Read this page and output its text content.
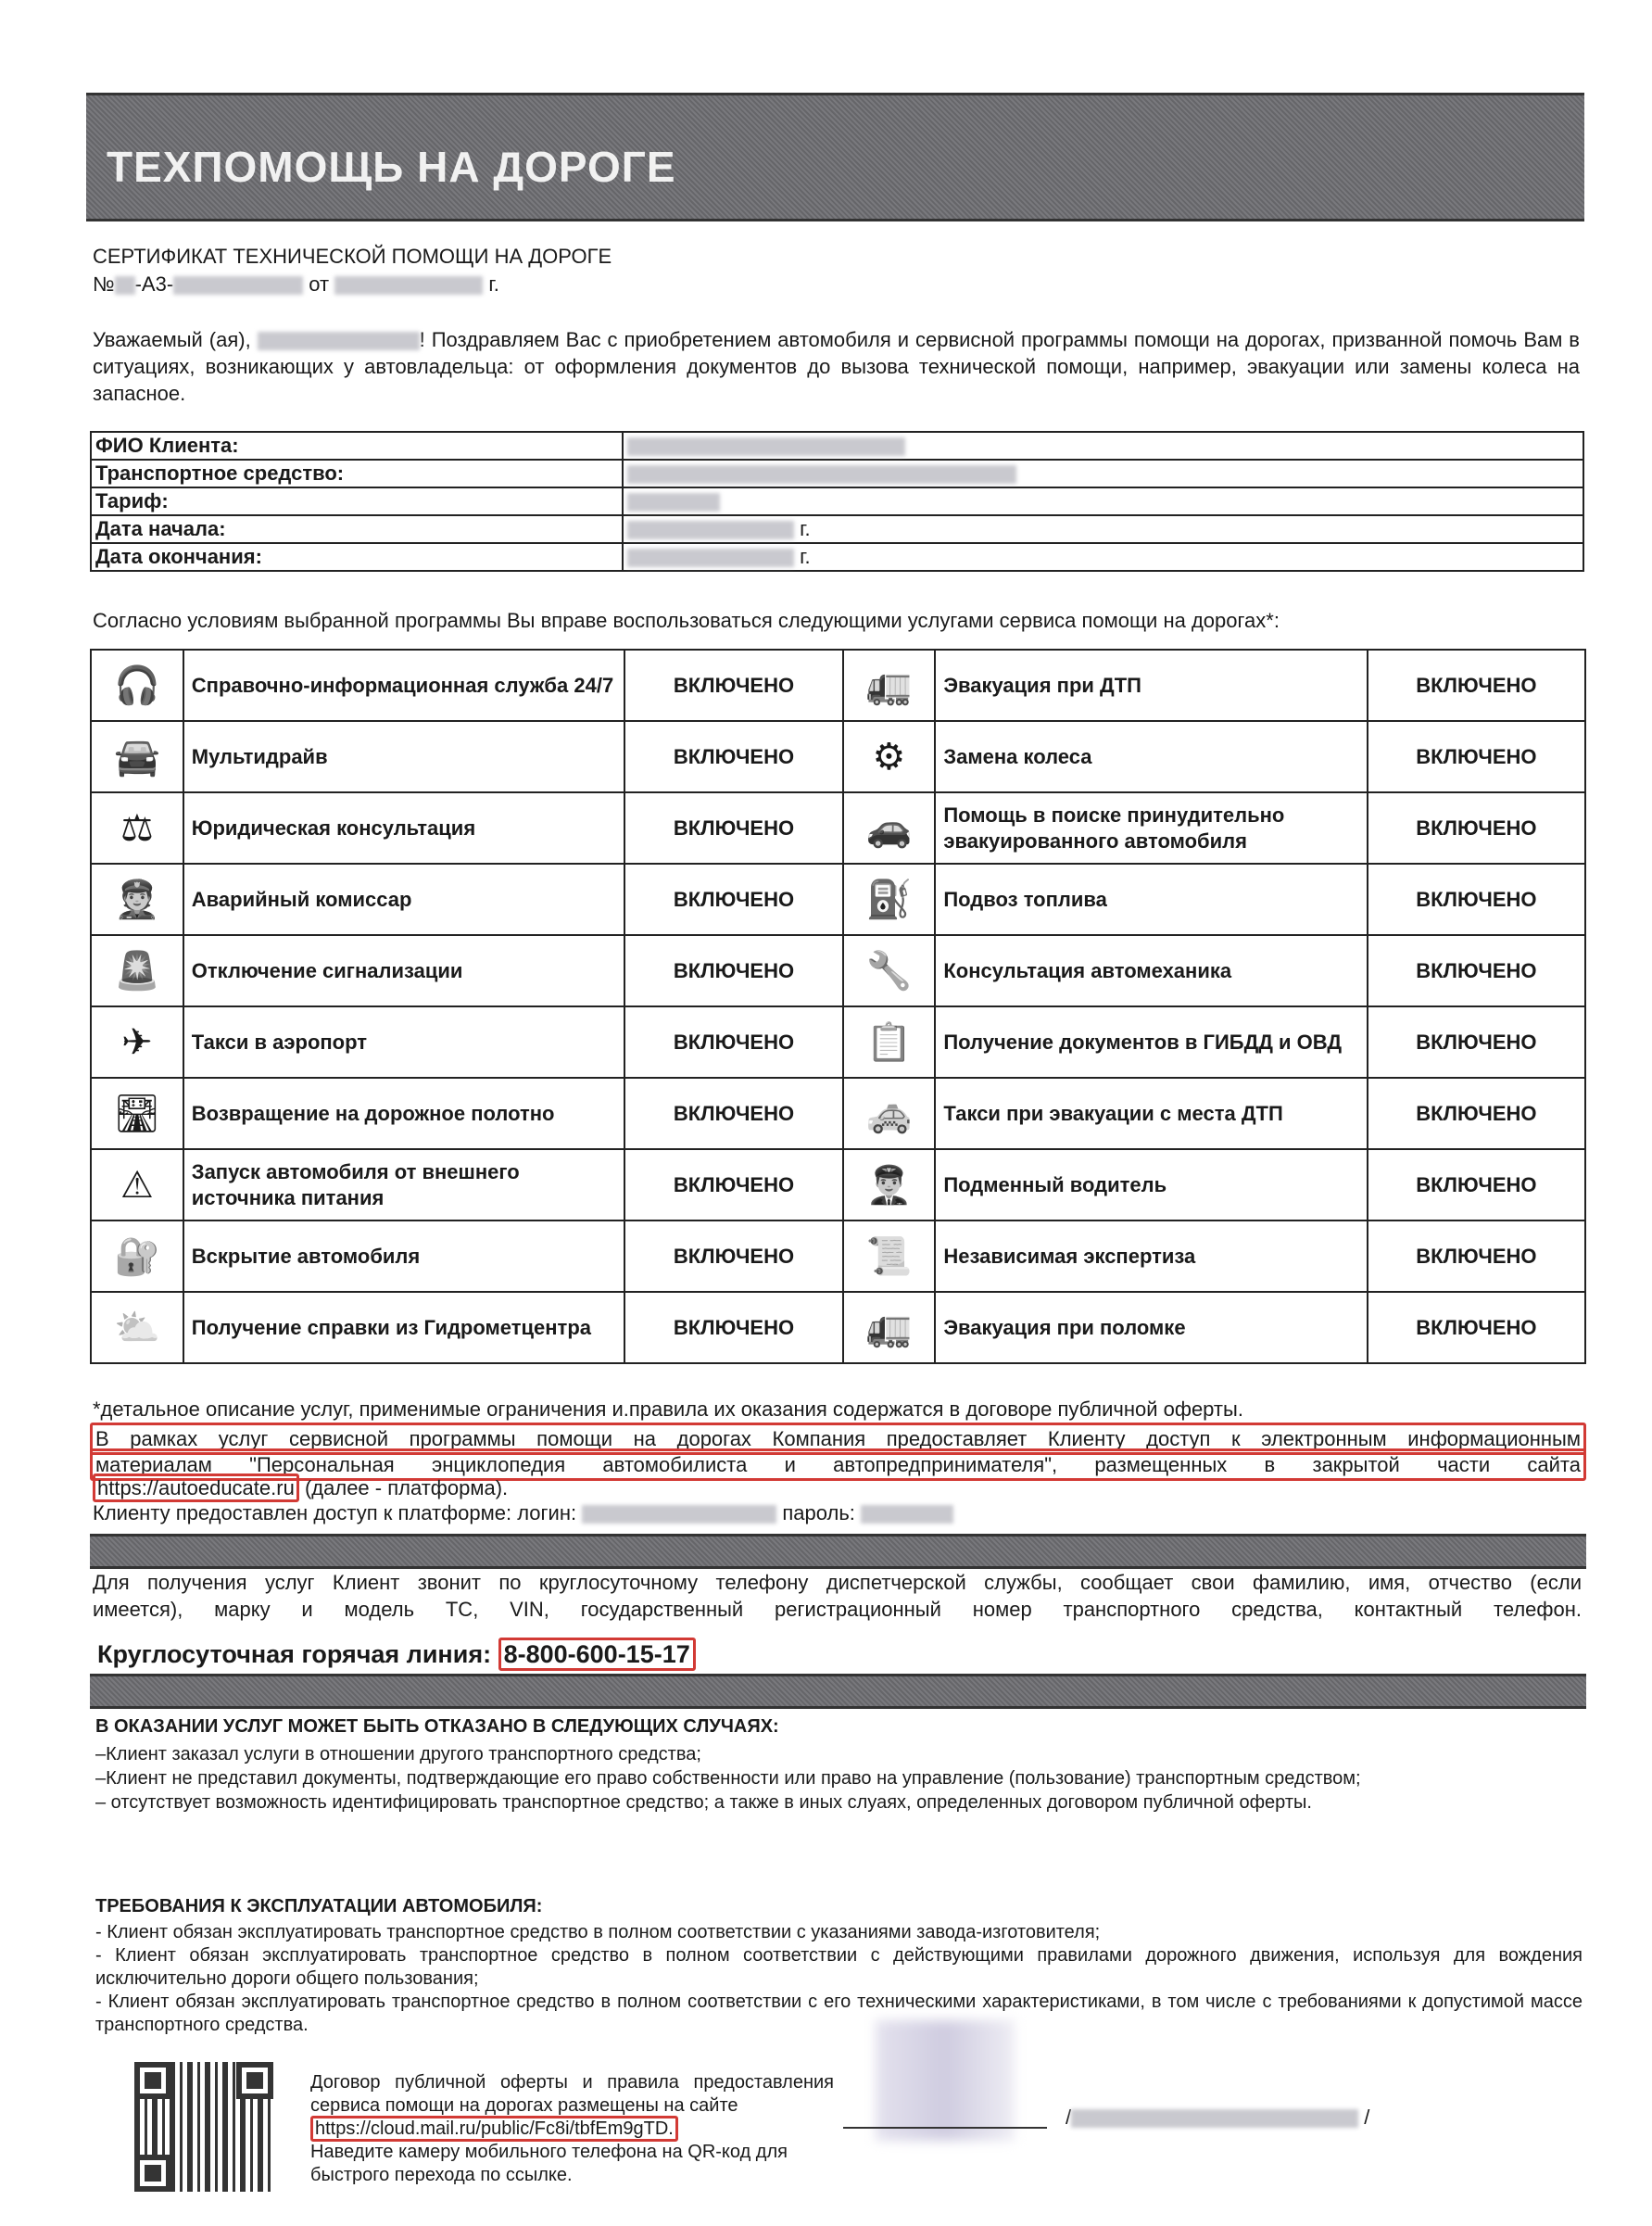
ТЕХПОМОЩЬ НА ДОРОГЕ
СЕРТИФИКАТ ТЕХНИЧЕСКОЙ ПОМОЩИ НА ДОРОГЕ
№ -А3-	от	г.
Уважаемый (ая),	! Поздравляем Вас с приобретением автомобиля и сервисной программы помощи на дорогах, призванной помочь Вам в ситуациях, возникающих у автовладельца: от оформления документов до вызова технической помощи, например, эвакуации или замены колеса на запасное.
ФИО Клиента:	
Транспортное средство:	
Тариф:	
Дата начала:	г.
Дата окончания:	г.
Согласно условиям выбранной программы Вы вправе воспользоваться следующими услугами сервиса помощи на дорогах*:
🎧	Справочно-информационная служба 24/7	ВКЛЮЧЕНО	🚛	Эвакуация при ДТП	ВКЛЮЧЕНО
🚘	Мультидрайв	ВКЛЮЧЕНО	⚙	Замена колеса	ВКЛЮЧЕНО
⚖	Юридическая консультация	ВКЛЮЧЕНО	🚗	Помощь в поиске принудительно эвакуированного автомобиля	ВКЛЮЧЕНО
👮	Аварийный комиссар	ВКЛЮЧЕНО	⛽	Подвоз топлива	ВКЛЮЧЕНО
🚨	Отключение сигнализации	ВКЛЮЧЕНО	🔧	Консультация автомеханика	ВКЛЮЧЕНО
✈	Такси в аэропорт	ВКЛЮЧЕНО	📋	Получение документов в ГИБДД и ОВД	ВКЛЮЧЕНО
🛣	Возвращение на дорожное полотно	ВКЛЮЧЕНО	🚕	Такси при эвакуации с места ДТП	ВКЛЮЧЕНО
⚠	Запуск автомобиля от внешнего источника питания	ВКЛЮЧЕНО	👨‍✈️	Подменный водитель	ВКЛЮЧЕНО
🔐	Вскрытие автомобиля	ВКЛЮЧЕНО	📜	Независимая экспертиза	ВКЛЮЧЕНО
⛅	Получение справки из Гидрометцентра	ВКЛЮЧЕНО	🚛	Эвакуация при поломке	ВКЛЮЧЕНО
*детальное описание услуг, применимые ограничения и.правила их оказания содержатся в договоре публичной оферты.
В рамках услуг сервисной программы помощи на дорогах Компания предоставляет Клиенту доступ к электронным информационным
материалам "Персональная энциклопедия автомобилиста и автопредпринимателя", размещенных в закрытой части сайта
https://autoeducate.ru (далее - платформа).
Клиенту предоставлен доступ к платформе: логин:	пароль:
Для получения услуг Клиент звонит по круглосуточному телефону диспетчерской службы, сообщает свои фамилию, имя, отчество (если
имеется), марку и модель ТС, VIN, государственный регистрационный номер транспортного средства, контактный телефон.
Круглосуточная горячая линия: 8-800-600-15-17
В ОКАЗАНИИ УСЛУГ МОЖЕТ БЫТЬ ОТКАЗАНО В СЛЕДУЮЩИХ СЛУЧАЯХ:
–Клиент заказал услуги в отношении другого транспортного средства;
–Клиент не представил документы, подтверждающие его право собственности или право на управление (пользование) транспортным средством;
– отсутствует возможность идентифицировать транспортное средство; а также в иных слуаях, определенных договором публичной оферты.
ТРЕБОВАНИЯ К ЭКСПЛУАТАЦИИ АВТОМОБИЛЯ:
- Клиент обязан эксплуатировать транспортное средство в полном соответствии с указаниями завода-изготовителя;
- Клиент обязан эксплуатировать транспортное средство в полном соответствии с действующими правилами дорожного движения, используя для вождения исключительно дороги общего пользования;
- Клиент обязан эксплуатировать транспортное средство в полном соответствии с его техническими характеристиками, в том числе с требованиями к допустимой массе транспортного средства.
Договор публичной оферты и правила предоставления сервиса помощи на дорогах размещены на сайте
https://cloud.mail.ru/public/Fc8i/tbfEm9gTD.
Наведите камеру мобильного телефона на QR-код для быстрого перехода по ссылке.
/	/
